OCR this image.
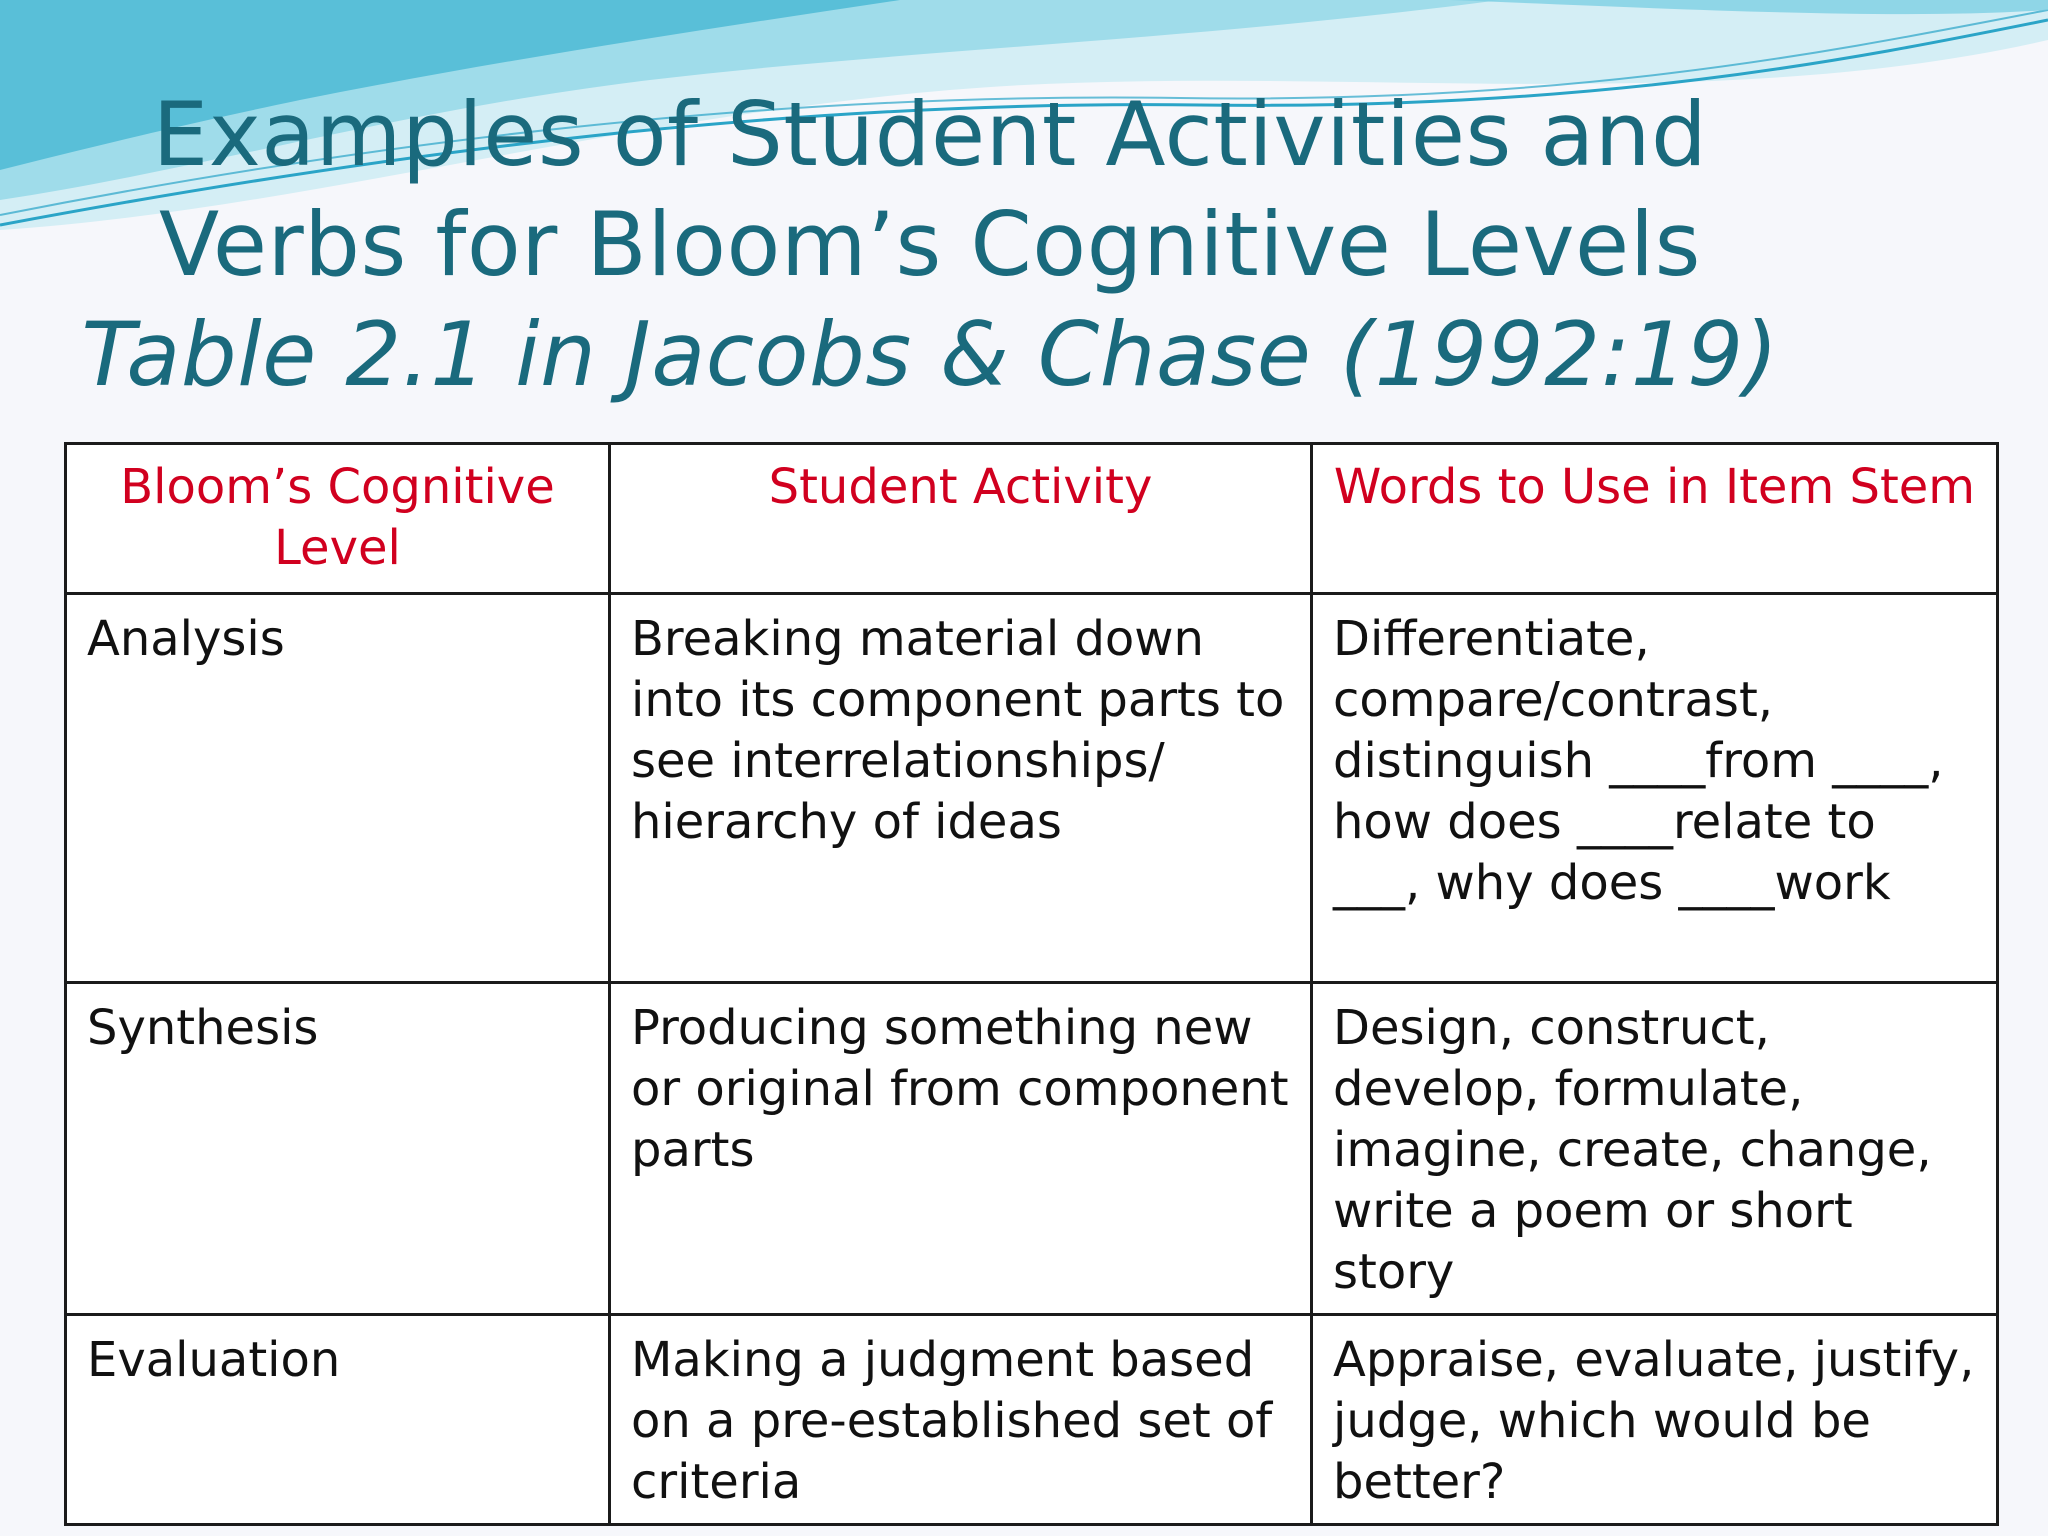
Examples of Student Activities and
Verbs for Bloom’s Cognitive Levels
Table 2.1 in Jacobs & Chase (1992:19)
Bloom’s Cognitive Level	Student Activity	Words to Use in Item Stem
Analysis	Breaking material down into its component parts to see interrelationships/ hierarchy of ideas	Differentiate, compare/contrast, distinguish ____from ____, how does ____relate to ___, why does ____work
Synthesis	Producing something new or original from component parts	Design, construct, develop, formulate, imagine, create, change, write a poem or short story
Evaluation	Making a judgment based on a pre-established set of criteria	Appraise, evaluate, justify, judge, which would be better?
